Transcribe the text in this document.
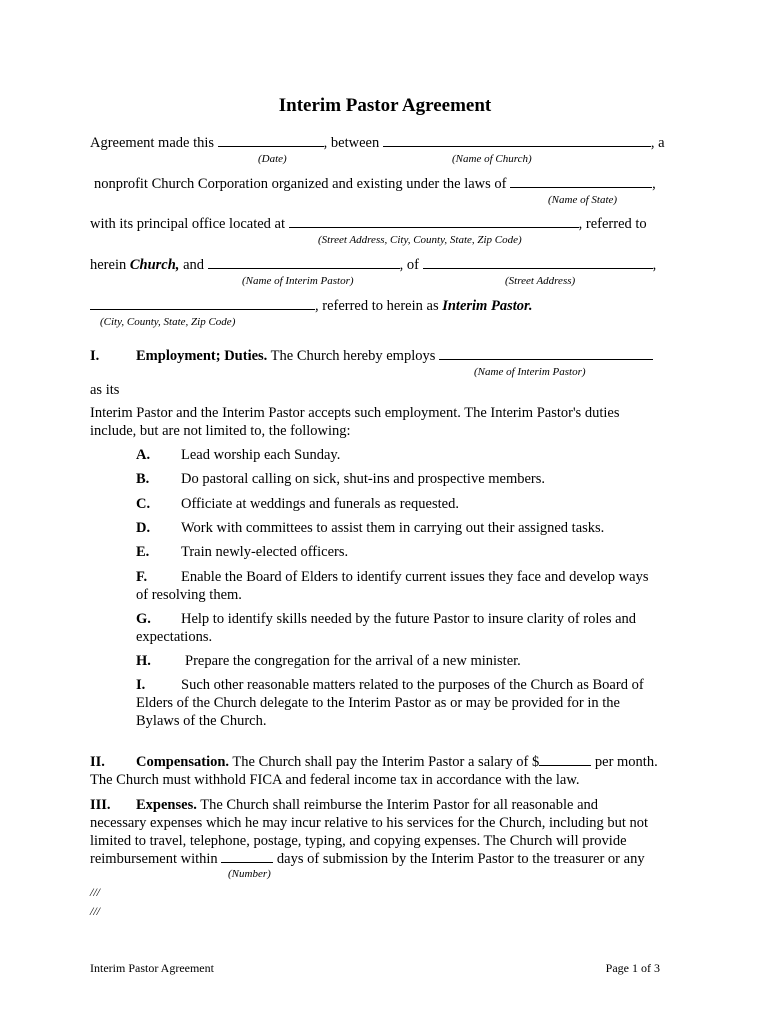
Interim Pastor Agreement
Agreement made this	, between	, a
(Date)	(Name of Church)
nonprofit Church Corporation organized and existing under the laws of	,
(Name of State)
with its principal office located at	, referred to
(Street Address, City, County, State, Zip Code)
herein Church, and	, of	,
(Name of Interim Pastor)	(Street Address)
, referred to herein as Interim Pastor.
(City, County, State, Zip Code)
I.	Employment; Duties. The Church hereby employs
(Name of Interim Pastor)
as its
Interim Pastor and the Interim Pastor accepts such employment. The Interim Pastor's duties
include, but are not limited to, the following:
A. Lead worship each Sunday.
B. Do pastoral calling on sick, shut-ins and prospective members.
C. Officiate at weddings and funerals as requested.
D. Work with committees to assist them in carrying out their assigned tasks.
E. Train newly-elected officers.
F. Enable the Board of Elders to identify current issues they face and develop ways
of resolving them.
G. Help to identify skills needed by the future Pastor to insure clarity of roles and
expectations.
H. Prepare the congregation for the arrival of a new minister.
I. Such other reasonable matters related to the purposes of the Church as Board of
Elders of the Church delegate to the Interim Pastor as or may be provided for in the
Bylaws of the Church.
II. Compensation. The Church shall pay the Interim Pastor a salary of $	per month.
The Church must withhold FICA and federal income tax in accordance with the law.
III. Expenses. The Church shall reimburse the Interim Pastor for all reasonable and
necessary expenses which he may incur relative to his services for the Church, including but not
limited to travel, telephone, postage, typing, and copying expenses. The Church will provide
reimbursement within	days of submission by the Interim Pastor to the treasurer or any
(Number)
///
///
Interim Pastor Agreement	Page 1 of 3
